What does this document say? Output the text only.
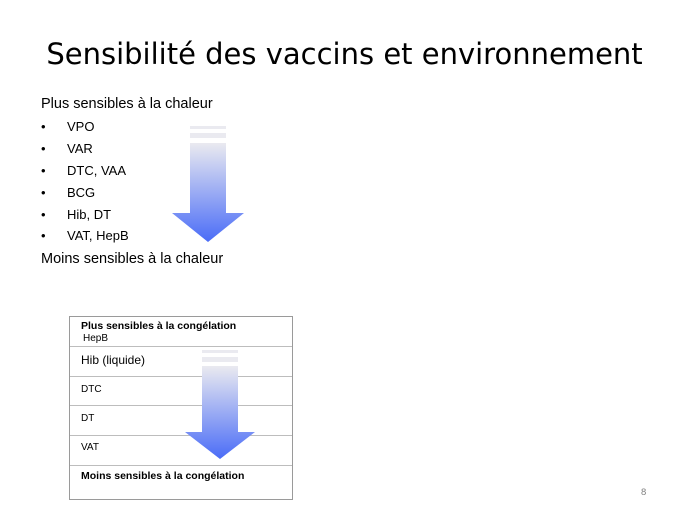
Sensibilité des vaccins et environnement
Plus sensibles à la chaleur
• VPO
• VAR
• DTC, VAA
• BCG
• Hib, DT
• VAT, HepB
Moins sensibles à la chaleur
Plus sensibles à la congélation
HepB
Hib (liquide)
DTC
DT
VAT
Moins sensibles à la congélation
8
